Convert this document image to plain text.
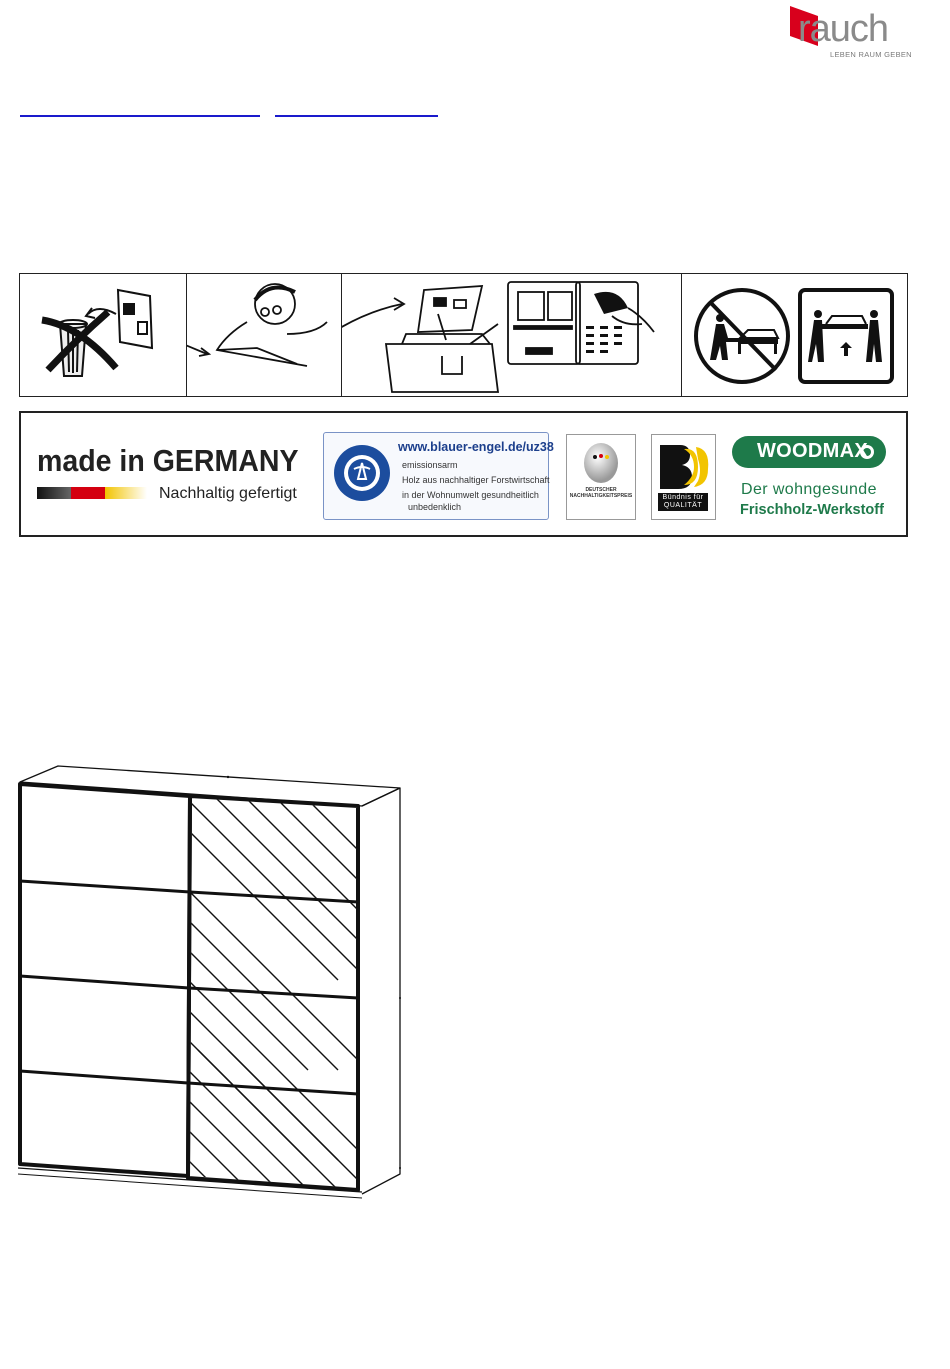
rauch
LEBEN RAUM GEBEN
made in GERMANY
Nachhaltig gefertigt
www.blauer-engel.de/uz38
emissionsarm
Holz aus nachhaltiger Forstwirtschaft
in der Wohnumwelt gesundheitlich
unbedenklich
DEUTSCHER NACHHALTIGKEITSPREIS	Bündnis für QUALITÄT
WOODMAX
Der wohngesunde
Frischholz-Werkstoff
